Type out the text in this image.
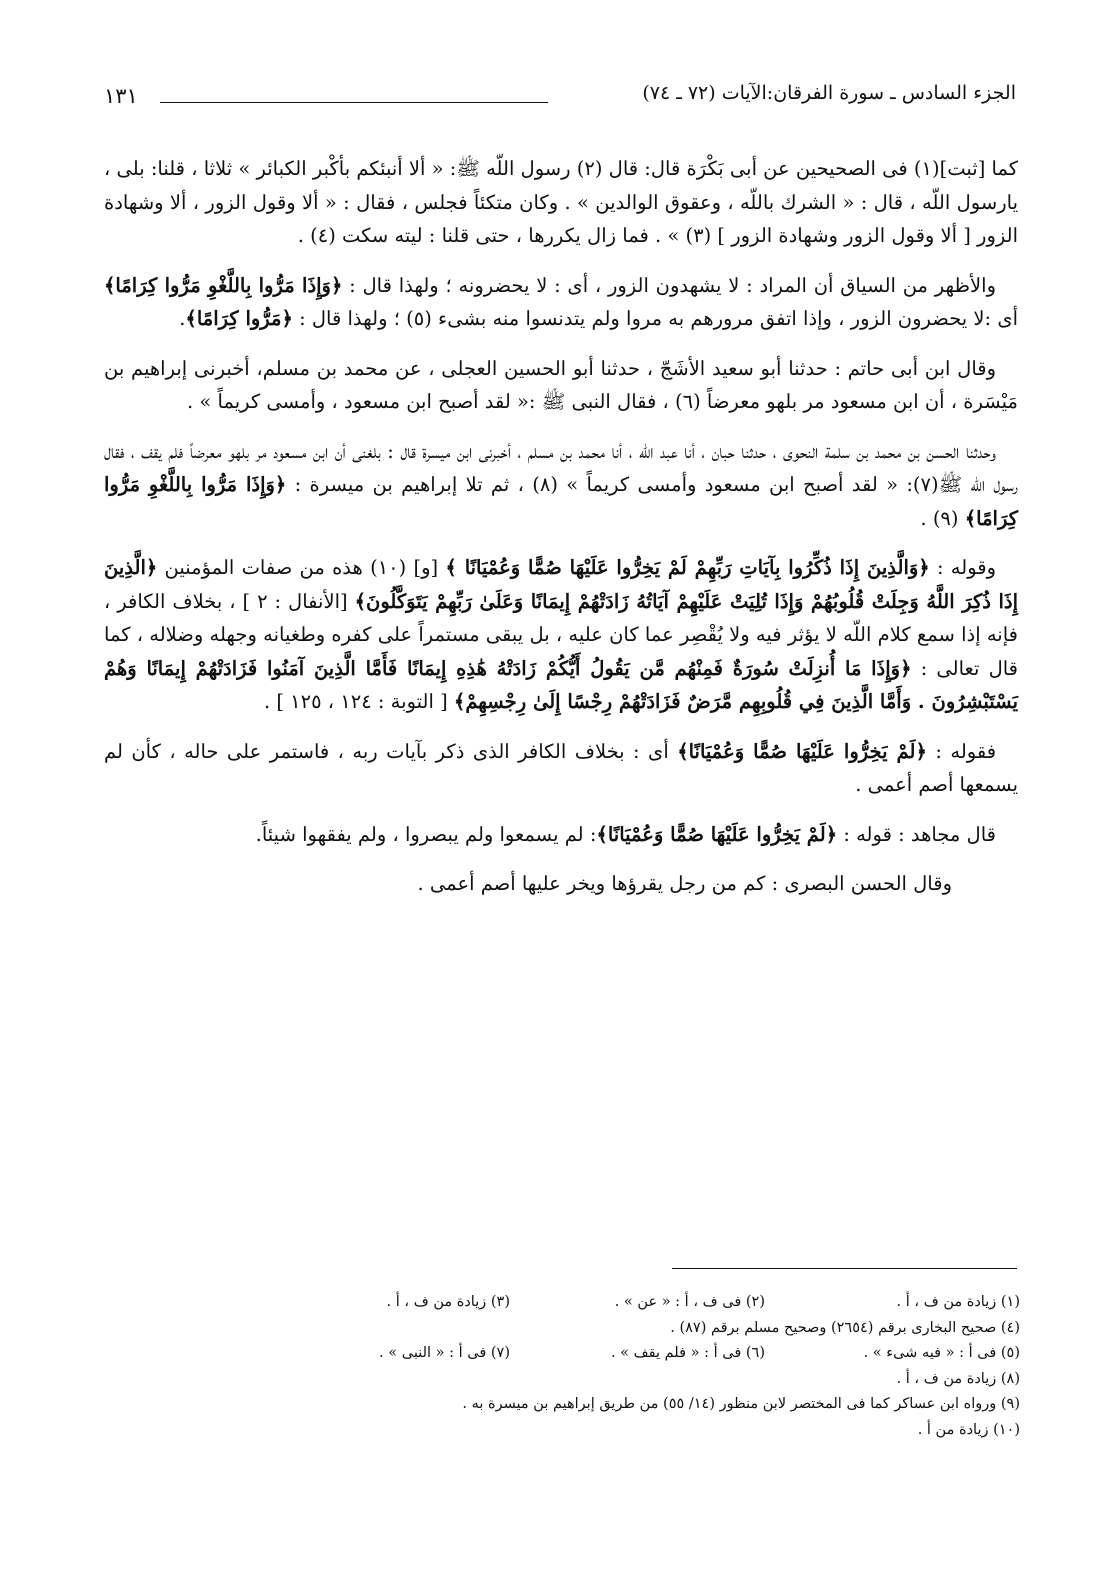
الجزء السادس ـ سورة الفرقان:الآيات (٧٢ ـ ٧٤)
١٣١

كما [ثبت](١) فى الصحيحين عن أبى بَكْرَة قال: قال (٢) رسول اللّه ﷺ: « ألا أنبئكم بأكْبر الكبائر » ثلاثا ، قلنا: بلى ، يارسول اللّه ، قال : « الشرك باللّه ، وعقوق الوالدين » . وكان متكئاً فجلس ، فقال : « ألا وقول الزور ، ألا وشهادة الزور [ ألا وقول الزور وشهادة الزور ] (٣) » . فما زال يكررها ، حتى قلنا : ليته سكت (٤) .

والأظهر من السياق أن المراد : لا يشهدون الزور ، أى : لا يحضرونه ؛ ولهذا قال : ﴿وَإِذَا مَرُّوا بِاللَّغْوِ مَرُّوا كِرَامًا﴾ أى :لا يحضرون الزور ، وإذا اتفق مرورهم به مروا ولم يتدنسوا منه بشىء (٥) ؛ ولهذا قال : ﴿مَرُّوا كِرَامًا﴾.

وقال ابن أبى حاتم : حدثنا أبو سعيد الأشَجّ ، حدثنا أبو الحسين العجلى ، عن محمد بن مسلم، أخبرنى إبراهيم بن مَيْسَرة ، أن ابن مسعود مر بلهو معرضاً (٦) ، فقال النبى ﷺ :« لقد أصبح ابن مسعود ، وأمسى كريماً » .

وحدثنا الحسن بن محمد بن سلمة النحوى ، حدثنا حبان ، أنا عبد اللّه ، أنا محمد بن مسلم ، أخبرنى ابن ميسرة قال : بلغنى أن ابن مسعود مر بلهو معرضاً فلم يقف ، فقال رسول اللّه ﷺ(٧): « لقد أصبح ابن مسعود وأمسى كريماً » (٨) ، ثم تلا إبراهيم بن ميسرة : ﴿وَإِذَا مَرُّوا بِاللَّغْوِ مَرُّوا كِرَامًا﴾ (٩) .

وقوله : ﴿وَالَّذِينَ إِذَا ذُكِّرُوا بِآيَاتِ رَبِّهِمْ لَمْ يَخِرُّوا عَلَيْهَا صُمًّا وَعُمْيَانًا ﴾ [و] (١٠) هذه من صفات المؤمنين ﴿الَّذِينَ إِذَا ذُكِرَ اللَّهُ وَجِلَتْ قُلُوبُهُمْ وَإِذَا تُلِيَتْ عَلَيْهِمْ آيَاتُهُ زَادَتْهُمْ إِيمَانًا وَعَلَىٰ رَبِّهِمْ يَتَوَكَّلُونَ﴾ [الأنفال : ٢ ] ، بخلاف الكافر ، فإنه إذا سمع كلام اللّه لا يؤثر فيه ولا يُقْصِر عما كان عليه ، بل يبقى مستمراً على كفره وطغيانه وجهله وضلاله ، كما قال تعالى : ﴿وَإِذَا مَا أُنزِلَتْ سُورَةٌ فَمِنْهُم مَّن يَقُولُ أَيُّكُمْ زَادَتْهُ هَٰذِهِ إِيمَانًا فَأَمَّا الَّذِينَ آمَنُوا فَزَادَتْهُمْ إِيمَانًا وَهُمْ يَسْتَبْشِرُونَ . وَأَمَّا الَّذِينَ فِي قُلُوبِهِم مَّرَضٌ فَزَادَتْهُمْ رِجْسًا إِلَىٰ رِجْسِهِمْ﴾ [ التوبة : ١٢٤ ، ١٢٥ ] .

فقوله : ﴿لَمْ يَخِرُّوا عَلَيْهَا صُمًّا وَعُمْيَانًا﴾ أى : بخلاف الكافر الذى ذكر بآيات ربه ، فاستمر على حاله ، كأن لم يسمعها أصم أعمى .

قال مجاهد : قوله : ﴿لَمْ يَخِرُّوا عَلَيْهَا صُمًّا وَعُمْيَانًا﴾: لم يسمعوا ولم يبصروا ، ولم يفقهوا شيئاً.

وقال الحسن البصرى : كم من رجل يقرؤها ويخر عليها أصم أعمى .

(١) زيادة من ف ، أ .
(٢) فى ف ، أ : « عن » .
(٣) زيادة من ف ، أ .
(٤) صحيح البخارى برقم (٢٦٥٤) وصحيح مسلم برقم (٨٧) .
(٥) فى أ : « فيه شىء » .
(٦) فى أ : « فلم يقف » .
(٧) فى أ : « النبى » .
(٨) زيادة من ف ، أ .
(٩) ورواه ابن عساكر كما فى المختصر لابن منظور (١٤/ ٥٥) من طريق إبراهيم بن ميسرة به .
(١٠) زيادة من أ .
